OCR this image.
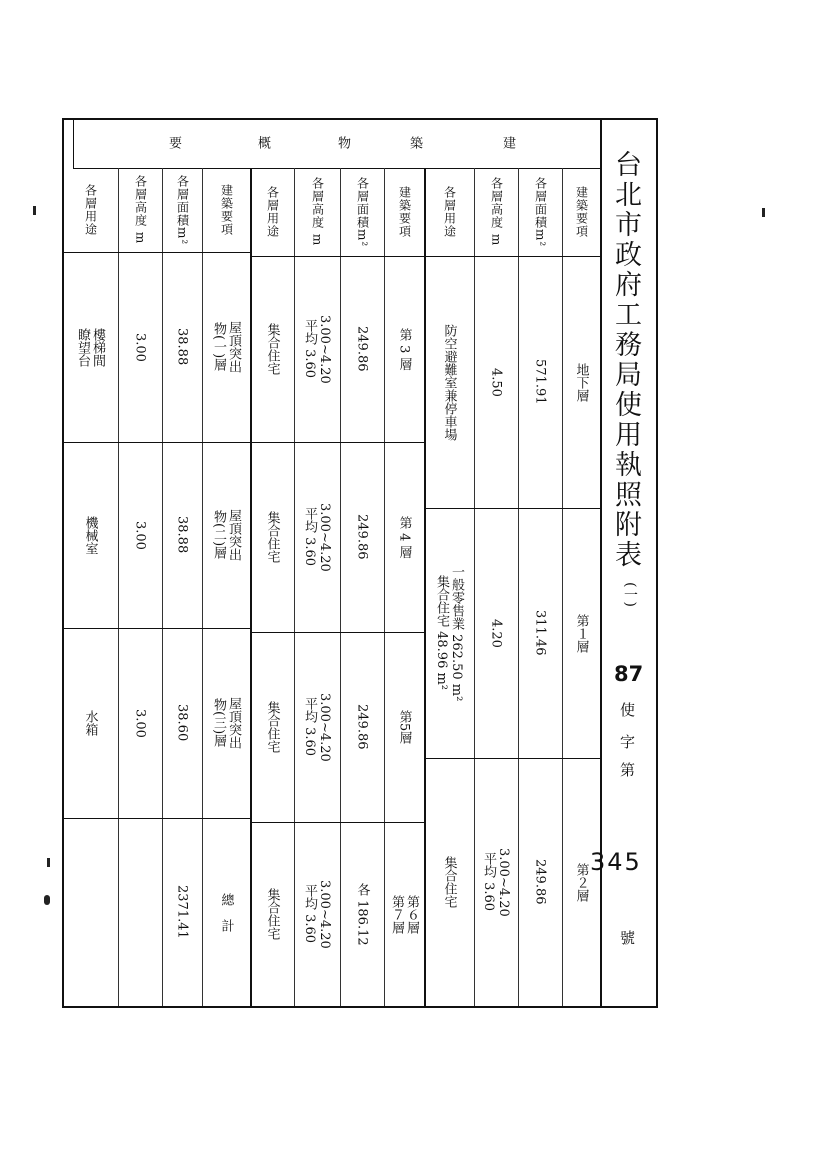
台北市政府工務局使用執照附表
(一)
87
使
字
第
345
號
建
築
物
概
要
建築要項
各層面積m²
各層高度 m
各層用途
地下層
571.91
4.50
防空避難室兼停車場
第１層
311.46
4.20
一般零售業 262.50 m²
集合住宅 48.96 m²
第２層
249.86
3.00~4.20
平均 3.60
集合住宅
建築要項
各層面積m²
各層高度 m
各層用途
第 3 層
249.86
3.00~4.20
平均 3.60
集合住宅
第 4 層
249.86
3.00~4.20
平均 3.60
集合住宅
第5層
249.86
3.00~4.20
平均 3.60
集合住宅
第６層
第７層
各 186.12
3.00~4.20
平均 3.60
集合住宅
建築要項
各層面積m²
各層高度 m
各層用途
屋頂突出
物(一)層
38.88
3.00
樓梯間
瞭望台
屋頂突出
物(二)層
38.88
3.00
機械室
屋頂突出
物(三)層
38.60
3.00
水箱
總　計
2371.41
